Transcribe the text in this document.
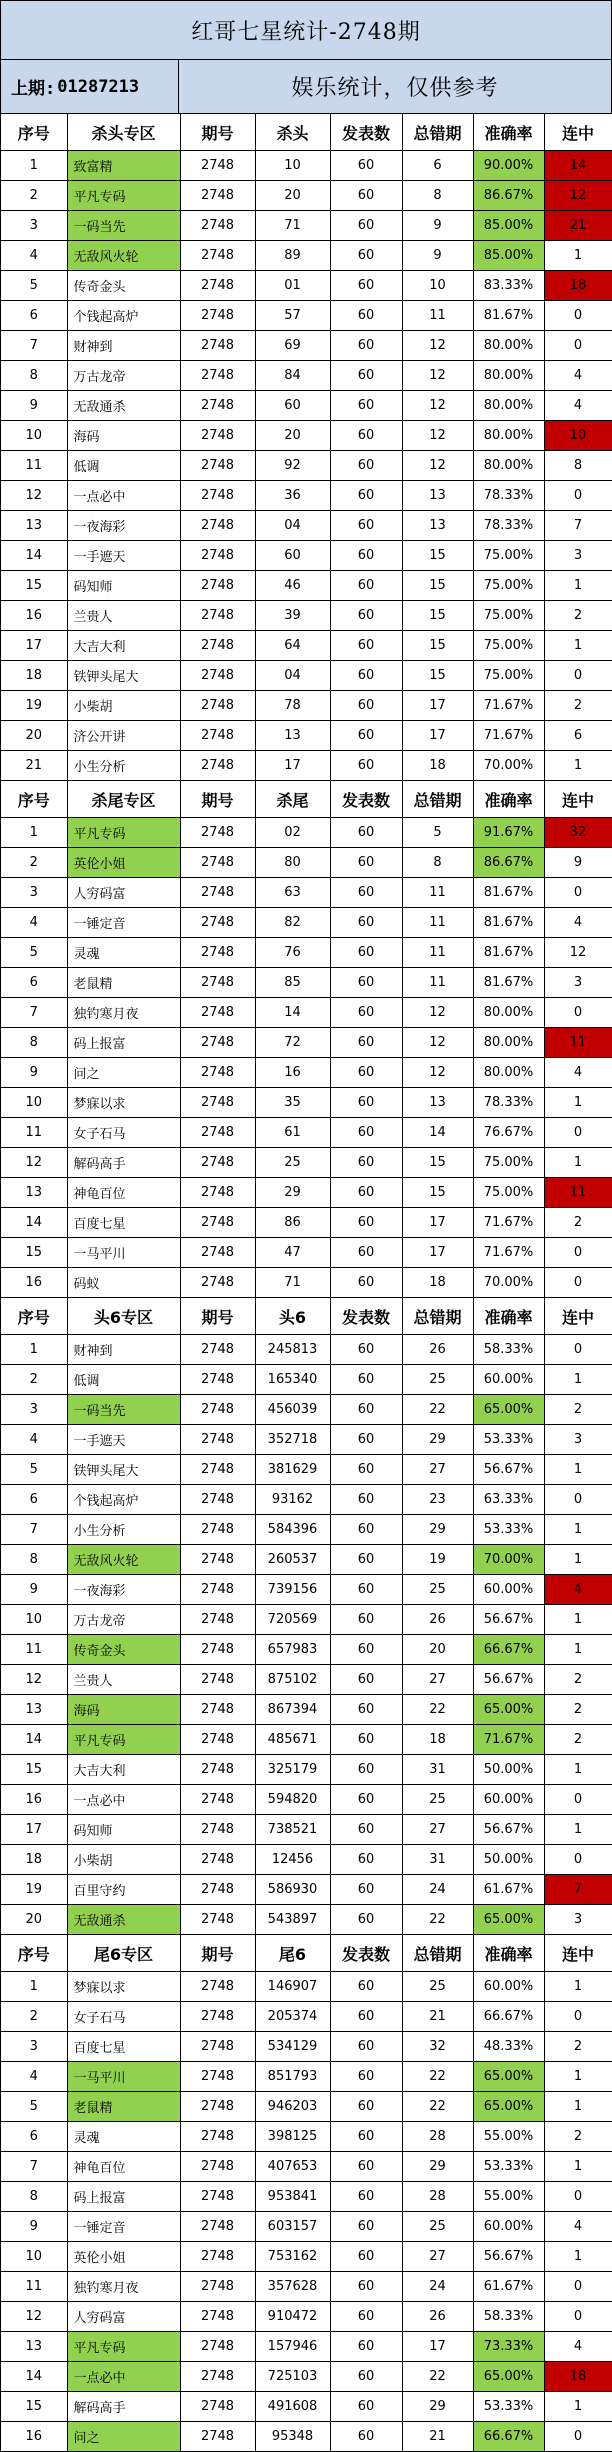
红哥七星统计-2748期
上期: 01287213	娱乐统计，仅供参考
序号	杀头专区	期号	杀头	发表数	总错期	准确率	连中
1	致富精	2748	10	60	6	90.00%	14
2	平凡专码	2748	20	60	8	86.67%	12
3	一码当先	2748	71	60	9	85.00%	21
4	无敌风火轮	2748	89	60	9	85.00%	1
5	传奇金头	2748	01	60	10	83.33%	18
6	个钱起高炉	2748	57	60	11	81.67%	0
7	财神到	2748	69	60	12	80.00%	0
8	万古龙帝	2748	84	60	12	80.00%	4
9	无敌通杀	2748	60	60	12	80.00%	4
10	海码	2748	20	60	12	80.00%	10
11	低调	2748	92	60	12	80.00%	8
12	一点必中	2748	36	60	13	78.33%	0
13	一夜海彩	2748	04	60	13	78.33%	7
14	一手遮天	2748	60	60	15	75.00%	3
15	码知师	2748	46	60	15	75.00%	1
16	兰贵人	2748	39	60	15	75.00%	2
17	大吉大利	2748	64	60	15	75.00%	1
18	铁钾头尾大	2748	04	60	15	75.00%	0
19	小柴胡	2748	78	60	17	71.67%	2
20	济公开讲	2748	13	60	17	71.67%	6
21	小生分析	2748	17	60	18	70.00%	1
序号	杀尾专区	期号	杀尾	发表数	总错期	准确率	连中
1	平凡专码	2748	02	60	5	91.67%	32
2	英伦小姐	2748	80	60	8	86.67%	9
3	人穷码富	2748	63	60	11	81.67%	0
4	一锤定音	2748	82	60	11	81.67%	4
5	灵魂	2748	76	60	11	81.67%	12
6	老鼠精	2748	85	60	11	81.67%	3
7	独钓寒月夜	2748	14	60	12	80.00%	0
8	码上报富	2748	72	60	12	80.00%	11
9	问之	2748	16	60	12	80.00%	4
10	梦寐以求	2748	35	60	13	78.33%	1
11	女子石马	2748	61	60	14	76.67%	0
12	解码高手	2748	25	60	15	75.00%	1
13	神龟百位	2748	29	60	15	75.00%	11
14	百度七星	2748	86	60	17	71.67%	2
15	一马平川	2748	47	60	17	71.67%	0
16	码蚁	2748	71	60	18	70.00%	0
序号	头6专区	期号	头6	发表数	总错期	准确率	连中
1	财神到	2748	245813	60	26	58.33%	0
2	低调	2748	165340	60	25	60.00%	1
3	一码当先	2748	456039	60	22	65.00%	2
4	一手遮天	2748	352718	60	29	53.33%	3
5	铁钾头尾大	2748	381629	60	27	56.67%	1
6	个钱起高炉	2748	93162	60	23	63.33%	0
7	小生分析	2748	584396	60	29	53.33%	1
8	无敌风火轮	2748	260537	60	19	70.00%	1
9	一夜海彩	2748	739156	60	25	60.00%	4
10	万古龙帝	2748	720569	60	26	56.67%	1
11	传奇金头	2748	657983	60	20	66.67%	1
12	兰贵人	2748	875102	60	27	56.67%	2
13	海码	2748	867394	60	22	65.00%	2
14	平凡专码	2748	485671	60	18	71.67%	2
15	大吉大利	2748	325179	60	31	50.00%	1
16	一点必中	2748	594820	60	25	60.00%	0
17	码知师	2748	738521	60	27	56.67%	1
18	小柴胡	2748	12456	60	31	50.00%	0
19	百里守约	2748	586930	60	24	61.67%	7
20	无敌通杀	2748	543897	60	22	65.00%	3
序号	尾6专区	期号	尾6	发表数	总错期	准确率	连中
1	梦寐以求	2748	146907	60	25	60.00%	1
2	女子石马	2748	205374	60	21	66.67%	0
3	百度七星	2748	534129	60	32	48.33%	2
4	一马平川	2748	851793	60	22	65.00%	1
5	老鼠精	2748	946203	60	22	65.00%	1
6	灵魂	2748	398125	60	28	55.00%	2
7	神龟百位	2748	407653	60	29	53.33%	1
8	码上报富	2748	953841	60	28	55.00%	0
9	一锤定音	2748	603157	60	25	60.00%	4
10	英伦小姐	2748	753162	60	27	56.67%	1
11	独钓寒月夜	2748	357628	60	24	61.67%	0
12	人穷码富	2748	910472	60	26	58.33%	0
13	平凡专码	2748	157946	60	17	73.33%	4
14	一点必中	2748	725103	60	22	65.00%	18
15	解码高手	2748	491608	60	29	53.33%	1
16	问之	2748	95348	60	21	66.67%	0
